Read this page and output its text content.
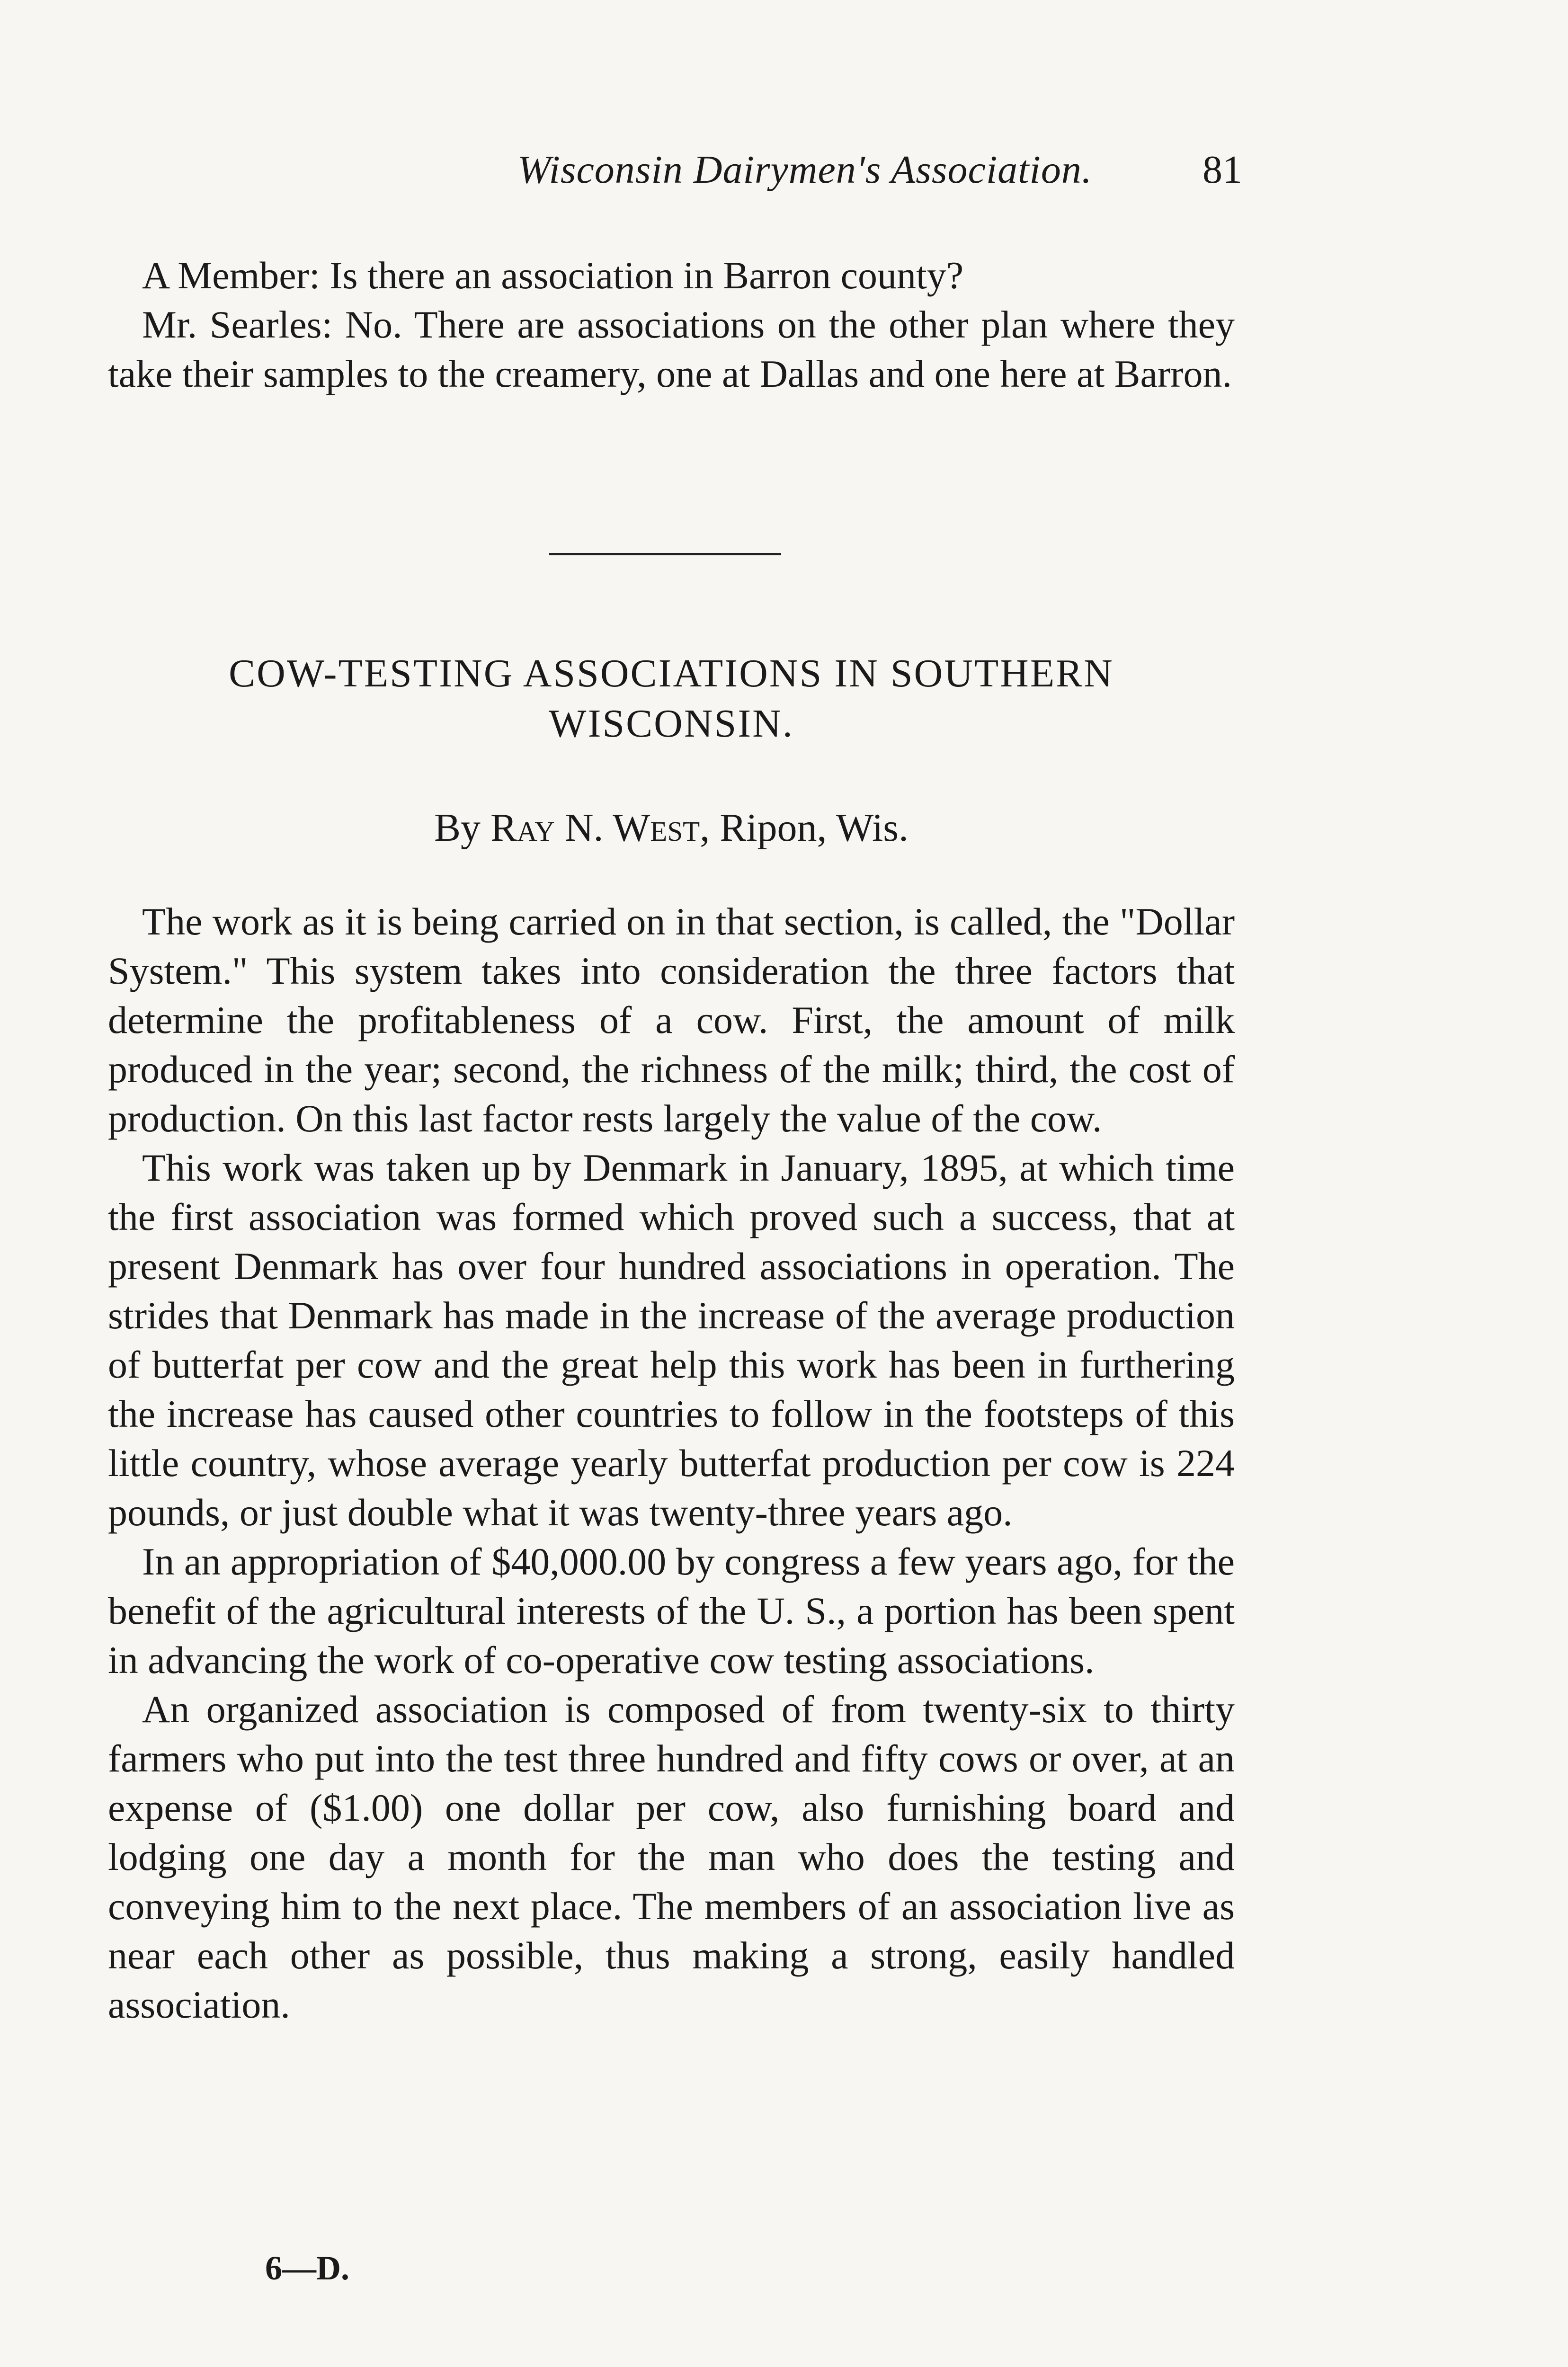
Wisconsin Dairymen's Association.	81

A Member: Is there an association in Barron county?

Mr. Searles: No. There are associations on the other plan where they take their samples to the creamery, one at Dallas and one here at Barron.

COW-TESTING ASSOCIATIONS IN SOUTHERN WISCONSIN.
By Ray N. West, Ripon, Wis.

The work as it is being carried on in that section, is called, the "Dollar System." This system takes into consideration the three factors that determine the profitableness of a cow. First, the amount of milk produced in the year; second, the richness of the milk; third, the cost of production. On this last factor rests largely the value of the cow.

This work was taken up by Denmark in January, 1895, at which time the first association was formed which proved such a success, that at present Denmark has over four hundred associations in operation. The strides that Denmark has made in the increase of the average production of butterfat per cow and the great help this work has been in furthering the increase has caused other countries to follow in the footsteps of this little country, whose average yearly butterfat production per cow is 224 pounds, or just double what it was twenty-three years ago.

In an appropriation of $40,000.00 by congress a few years ago, for the benefit of the agricultural interests of the U. S., a portion has been spent in advancing the work of co-operative cow testing associations.

An organized association is composed of from twenty-six to thirty farmers who put into the test three hundred and fifty cows or over, at an expense of ($1.00) one dollar per cow, also furnishing board and lodging one day a month for the man who does the testing and conveying him to the next place. The members of an association live as near each other as possible, thus making a strong, easily handled association.

6—D.
